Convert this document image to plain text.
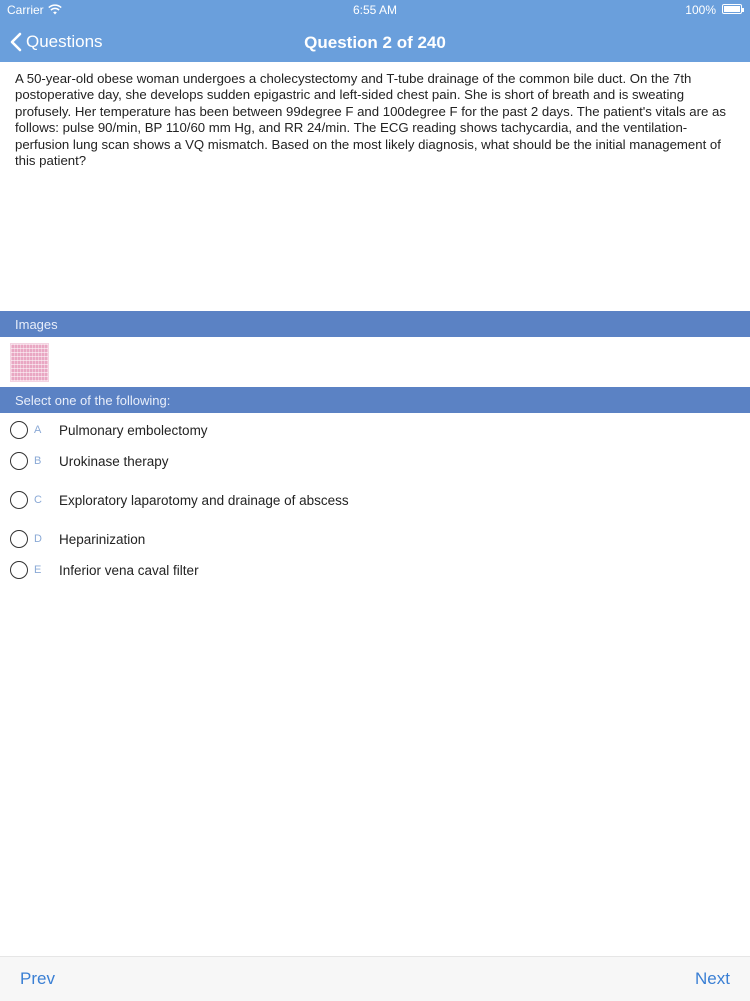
Carrier	6:55 AM	100%
Questions	Question 2 of 240
A 50-year-old obese woman undergoes a cholecystectomy and T-tube drainage of the common bile duct. On the 7th postoperative day, she develops sudden epigastric and left-sided chest pain. She is short of breath and is sweating profusely. Her temperature has been between 99degree F and 100degree F for the past 2 days. The patient's vitals are as follows: pulse 90/min, BP 110/60 mm Hg, and RR 24/min. The ECG reading shows tachycardia, and the ventilation-perfusion lung scan shows a VQ mismatch. Based on the most likely diagnosis, what should be the initial management of this patient?
Images
Select one of the following:
A Pulmonary embolectomy
B Urokinase therapy
C Exploratory laparotomy and drainage of abscess
D Heparinization
E Inferior vena caval filter
Prev	Next
